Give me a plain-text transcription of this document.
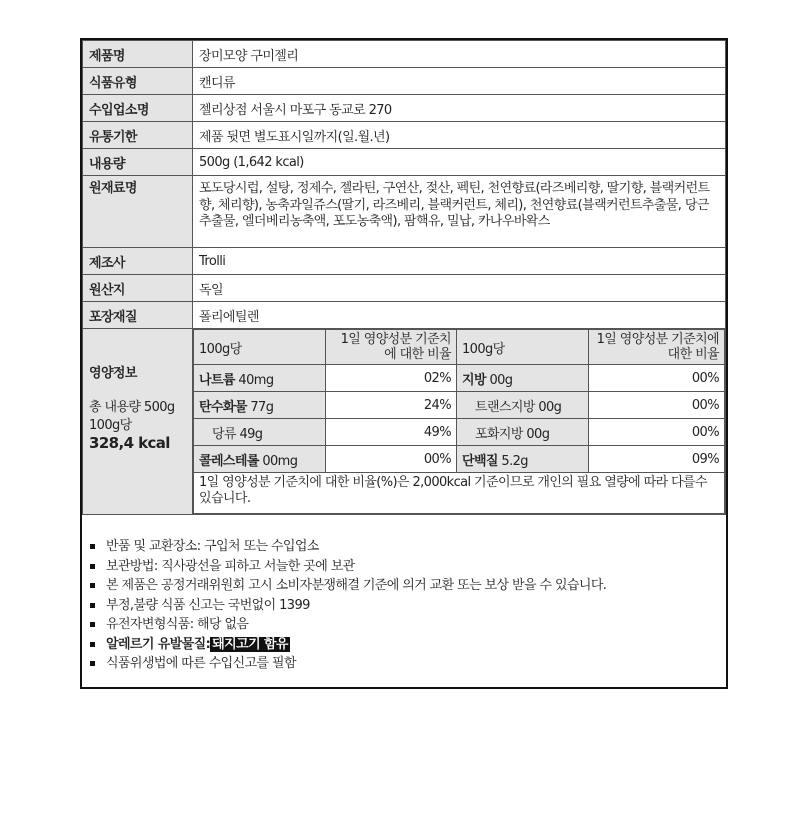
제품명	장미모양 구미젤리
식품유형	캔디류
수입업소명	젤리상점 서울시 마포구 동교로 270
유통기한	제품 뒷면 별도표시일까지(일.월.년)
내용량	500g (1,642 kcal)
원재료명	포도당시럽, 설탕, 정제수, 젤라틴, 구연산, 젖산, 펙틴, 천연향료(라즈베리향, 딸기향, 블랙커런트향, 체리향), 농축과일쥬스(딸기, 라즈베리, 블랙커런트, 체리), 천연향료(블랙커런트추출물, 당근추출물, 엘더베리농축액, 포도농축액), 팜핵유, 밀납, 카나우바왁스
제조사	Trolli
원산지	독일
포장재질	폴리에틸렌

영양정보
총 내용량 500g
100g당
328,4 kcal

100g당	1일 영양성분 기준치에 대한 비율	100g당	1일 영양성분 기준치에 대한 비율
나트륨 40mg	02%	지방 00g	00%
탄수화물 77g	24%	트랜스지방 00g	00%
당류 49g	49%	포화지방 00g	00%
콜레스테롤 00mg	00%	단백질 5.2g	09%
1일 영양성분 기준치에 대한 비율(%)은 2,000kcal 기준이므로 개인의 필요 열량에 따라 다를수 있습니다.
반품 및 교환장소: 구입처 또는 수입업소
보관방법: 직사광선을 피하고 서늘한 곳에 보관
본 제품은 공정거래위원회 고시 소비자분쟁해결 기준에 의거 교환 또는 보상 받을 수 있습니다.
부정,불량 식품 신고는 국번없이 1399
유전자변형식품: 해당 없음
알레르기 유발물질: 돼지고기 함유
식품위생법에 따른 수입신고를 필함
